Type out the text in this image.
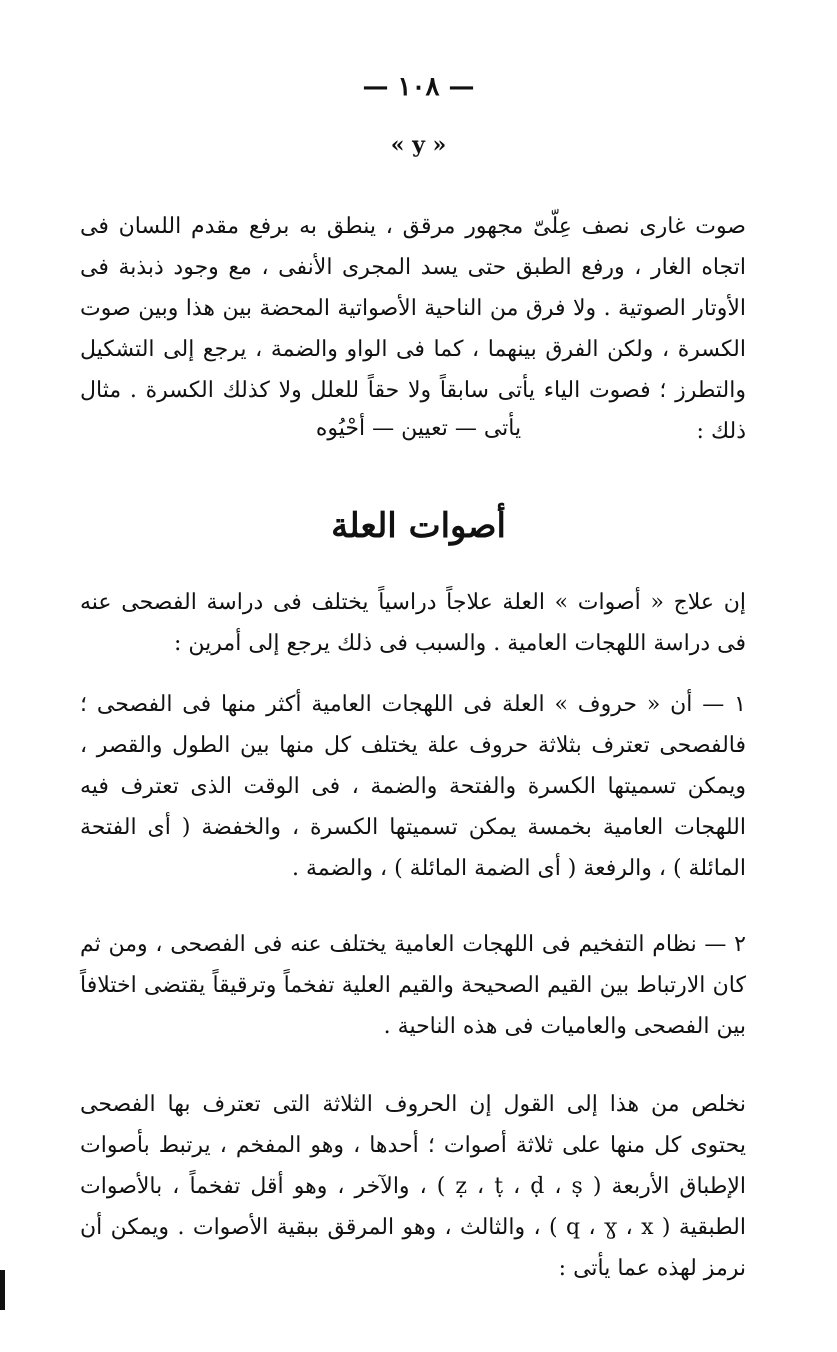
— ١٠٨ —
« y »

صوت غارى نصف عِلّىّ مجهور مرقق ، ينطق به برفع مقدم اللسان فى اتجاه الغار ، ورفع الطبق حتى يسد المجرى الأنفى ، مع وجود ذبذبة فى الأوتار الصوتية . ولا فرق من الناحية الأصواتية المحضة بين هذا وبين صوت الكسرة ، ولكن الفرق بينهما ، كما فى الواو والضمة ، يرجع إلى التشكيل والتطرز ؛ فصوت الياء يأتى سابقاً ولا حقاً للعلل ولا كذلك الكسرة . مثال ذلك :

يأتى — تعيين — أحْيُوه
أصوات العلة

إن علاج « أصوات » العلة علاجاً دراسياً يختلف فى دراسة الفصحى عنه فى دراسة اللهجات العامية . والسبب فى ذلك يرجع إلى أمرين :

١ — أن « حروف » العلة فى اللهجات العامية أكثر منها فى الفصحى ؛ فالفصحى تعترف بثلاثة حروف علة يختلف كل منها بين الطول والقصر ، ويمكن تسميتها الكسرة والفتحة والضمة ، فى الوقت الذى تعترف فيه اللهجات العامية بخمسة يمكن تسميتها الكسرة ، والخفضة ( أى الفتحة المائلة ) ، والرفعة ( أى الضمة المائلة ) ، والضمة .

٢ — نظام التفخيم فى اللهجات العامية يختلف عنه فى الفصحى ، ومن ثم كان الارتباط بين القيم الصحيحة والقيم العلية تفخماً وترقيقاً يقتضى اختلافاً بين الفصحى والعاميات فى هذه الناحية .

نخلص من هذا إلى القول إن الحروف الثلاثة التى تعترف بها الفصحى يحتوى كل منها على ثلاثة أصوات ؛ أحدها ، وهو المفخم ، يرتبط بأصوات الإطباق الأربعة ( ẓ ، ṭ ، ḍ ، ṣ ) ، والآخر ، وهو أقل تفخماً ، بالأصوات الطبقية ( q ، ɣ ، x ) ، والثالث ، وهو المرقق ببقية الأصوات . ويمكن أن نرمز لهذه عما يأتى :
